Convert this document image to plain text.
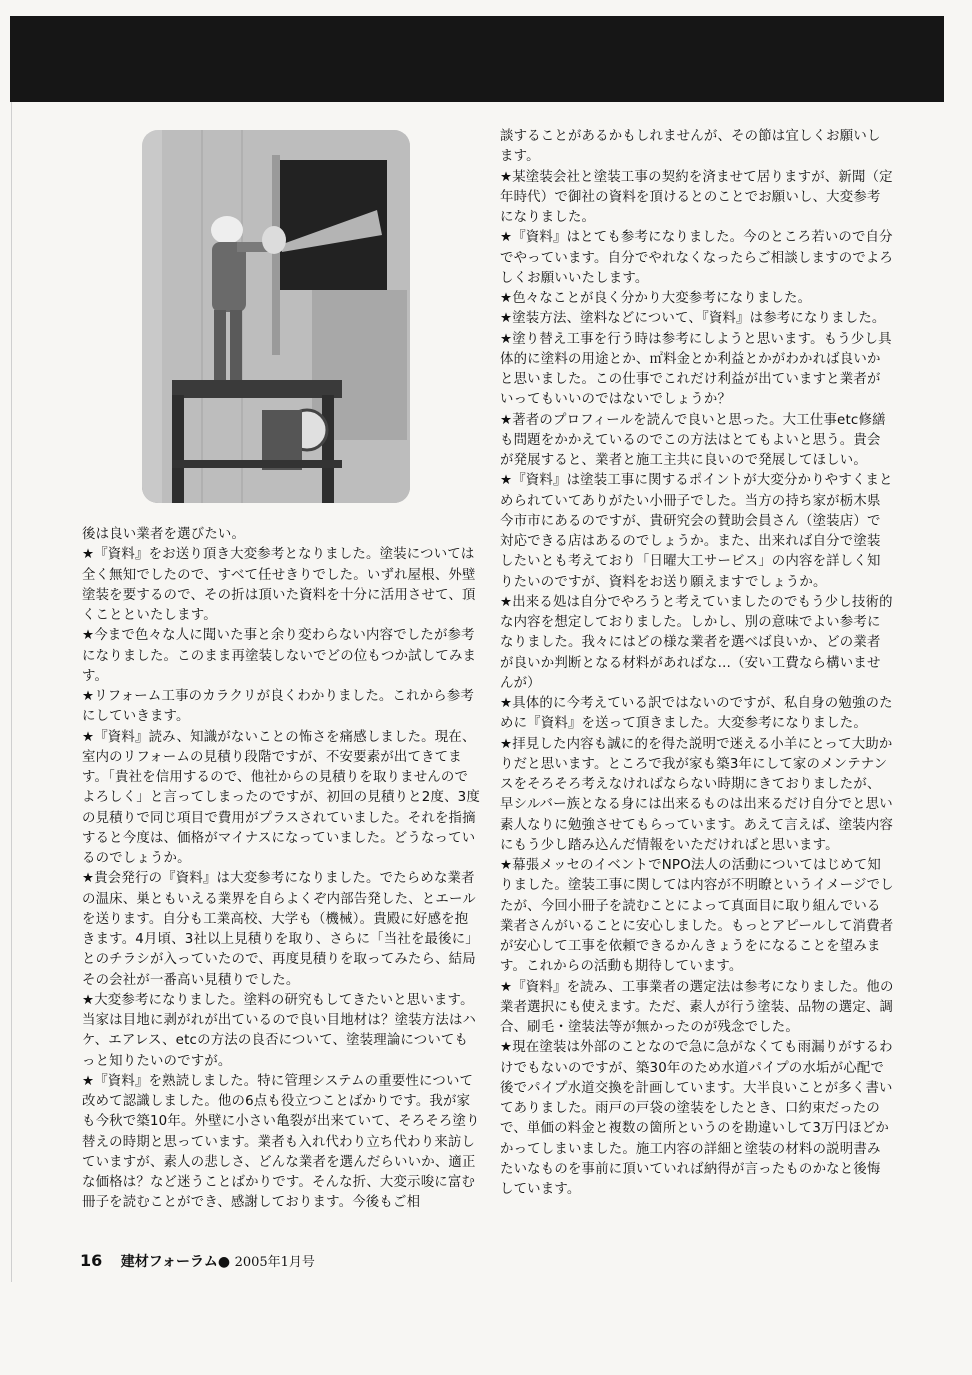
後は良い業者を選びたい。

★『資料』をお送り頂き大変参考となりました。塗装については全く無知でしたので、すべて任せきりでした。いずれ屋根、外壁塗装を要するので、その折は頂いた資料を十分に活用させて、頂くことといたします。

★今まで色々な人に聞いた事と余り変わらない内容でしたが参考になりました。このまま再塗装しないでどの位もつか試してみます。

★リフォーム工事のカラクリが良くわかりました。これから参考にしていきます。

★『資料』読み、知識がないことの怖さを痛感しました。現在、室内のリフォームの見積り段階ですが、不安要素が出てきてます。「貴社を信用するので、他社からの見積りを取りませんのでよろしく」と言ってしまったのですが、初回の見積りと2度、3度の見積りで同じ項目で費用がプラスされていました。それを指摘すると今度は、価格がマイナスになっていました。どうなっているのでしょうか。

★貴会発行の『資料』は大変参考になりました。でたらめな業者の温床、巣ともいえる業界を自らよくぞ内部告発した、とエールを送ります。自分も工業高校、大学も（機械）。貴殿に好感を抱きます。4月頃、3社以上見積りを取り、さらに「当社を最後に」とのチラシが入っていたので、再度見積りを取ってみたら、結局その会社が一番高い見積りでした。

★大変参考になりました。塗料の研究もしてきたいと思います。当家は目地に剥がれが出ているので良い目地材は？塗装方法はハケ、エアレス、etcの方法の良否について、塗装理論についてもっと知りたいのですが。

★『資料』を熟読しました。特に管理システムの重要性について改めて認識しました。他の6点も役立つことばかりです。我が家も今秋で築10年。外壁に小さい亀裂が出来ていて、そろそろ塗り替えの時期と思っています。業者も入れ代わり立ち代わり来訪していますが、素人の悲しさ、どんな業者を選んだらいいか、適正な価格は？など迷うことばかりです。そんな折、大変示唆に富む冊子を読むことができ、感謝しております。今後もご相

談することがあるかもしれませんが、その節は宜しくお願いします。

★某塗装会社と塗装工事の契約を済ませて居りますが、新聞（定年時代）で御社の資料を頂けるとのことでお願いし、大変参考になりました。

★『資料』はとても参考になりました。今のところ若いので自分でやっています。自分でやれなくなったらご相談しますのでよろしくお願いいたします。

★色々なことが良く分かり大変参考になりました。

★塗装方法、塗料などについて、『資料』は参考になりました。

★塗り替え工事を行う時は参考にしようと思います。もう少し具体的に塗料の用途とか、㎡料金とか利益とかがわかれば良いかと思いました。この仕事でこれだけ利益が出ていますと業者がいってもいいのではないでしょうか？

★著者のプロフィールを読んで良いと思った。大工仕事etc修繕も問題をかかえているのでこの方法はとてもよいと思う。貴会が発展すると、業者と施工主共に良いので発展してほしい。

★『資料』は塗装工事に関するポイントが大変分かりやすくまとめられていてありがたい小冊子でした。当方の持ち家が栃木県今市市にあるのですが、貴研究会の賛助会員さん（塗装店）で対応できる店はあるのでしょうか。また、出来れば自分で塗装したいとも考えており「日曜大工サービス」の内容を詳しく知りたいのですが、資料をお送り願えますでしょうか。

★出来る処は自分でやろうと考えていましたのでもう少し技術的な内容を想定しておりました。しかし、別の意味でよい参考になりました。我々にはどの様な業者を選べば良いか、どの業者が良いか判断となる材料があればな…（安い工費なら構いませんが）

★具体的に今考えている訳ではないのですが、私自身の勉強のために『資料』を送って頂きました。大変参考になりました。

★拝見した内容も誠に的を得た説明で迷える小羊にとって大助かりだと思います。ところで我が家も築3年にして家のメンテナンスをそろそろ考えなければならない時期にきておりましたが、早シルバー族となる身には出来るものは出来るだけ自分でと思い素人なりに勉強させてもらっています。あえて言えば、塗装内容にもう少し踏み込んだ情報をいただければと思います。

★幕張メッセのイベントでNPO法人の活動についてはじめて知りました。塗装工事に関しては内容が不明瞭というイメージでしたが、今回小冊子を読むことによって真面目に取り組んでいる業者さんがいることに安心しました。もっとアピールして消費者が安心して工事を依頼できるかんきょうをになることを望みます。これからの活動も期待しています。

★『資料』を読み、工事業者の選定法は参考になりました。他の業者選択にも使えます。ただ、素人が行う塗装、品物の選定、調合、刷毛・塗装法等が無かったのが残念でした。

★現在塗装は外部のことなので急に急がなくても雨漏りがするわけでもないのですが、築30年のため水道パイプの水垢が心配で後でパイプ水道交換を計画しています。大半良いことが多く書いてありました。雨戸の戸袋の塗装をしたとき、口約束だったので、単価の料金と複数の箇所というのを勘違いして3万円ほどかかってしまいました。施工内容の詳細と塗装の材料の説明書みたいなものを事前に頂いていれば納得が言ったものかなと後悔しています。

16 建材フォーラム● 2005年1月号
